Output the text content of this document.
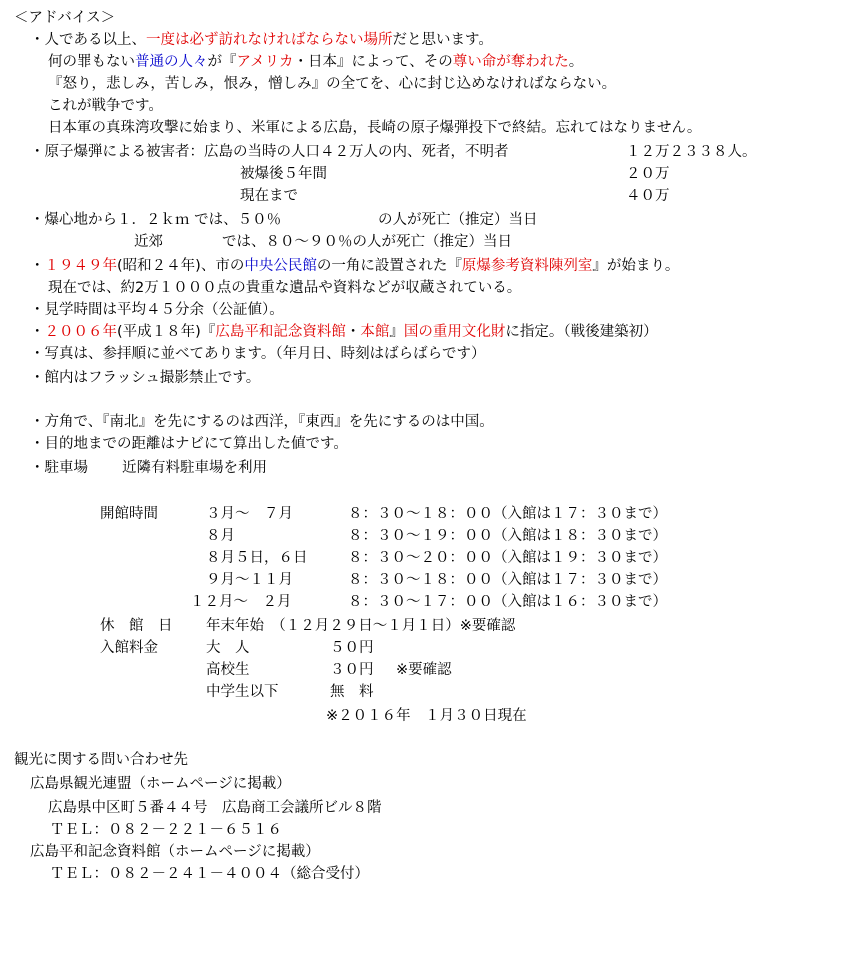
＜アドバイス＞
・人である以上、一度は必ず訪れなければならない場所だと思います。
何の罪もない普通の人々が『アメリカ・日本』によって、その尊い命が奪われた。
『怒り，悲しみ，苦しみ，恨み，憎しみ』の全てを、心に封じ込めなければならない。
これが戦争です。
日本軍の真珠湾攻撃に始まり、米軍による広島，長崎の原子爆弾投下で終結。忘れてはなりません。
・原子爆弾による被害者：広島の当時の人口４２万人の内、死者，不明者	１２万２３３８人。
被爆後５年間	２０万
現在まで	４０万
・爆心地から１．２ｋｍ では、５０％	の人が死亡（推定）当日
近郊	では、８０～９０％の人が死亡（推定）当日
・１９４９年(昭和２４年)、市の中央公民館の一角に設置された『原爆参考資料陳列室』が始まり。
現在では、約2万１０００点の貴重な遺品や資料などが収蔵されている。
・見学時間は平均４５分余（公証値）。
・２００６年(平成１８年)『広島平和記念資料館・本館』国の重用文化財に指定。（戦後建築初）
・写真は、参拝順に並べてあります。（年月日、時刻はばらばらです）
・館内はフラッシュ撮影禁止です。
・方角で、『南北』を先にするのは西洋，『東西』を先にするのは中国。
・目的地までの距離はナビにて算出した値です。
・駐車場 近隣有料駐車場を利用
開館時間	３月～　７月	８：３０～１８：００（入館は１７：３０まで）
８月	８：３０～１９：００（入館は１８：３０まで）
８月５日，６日	８：３０～２０：００（入館は１９：３０まで）
９月～１１月	８：３０～１８：００（入館は１７：３０まで）
１２月～　２月	８：３０～１７：００（入館は１６：３０まで）
休　館　日 年末年始　（１２月２９日～１月１日）※要確認
入館料金	大　人	５０円
高校生	３０円 ※要確認
中学生以下	無　料
※２０１６年　１月３０日現在
観光に関する問い合わせ先
広島県観光連盟（ホームページに掲載）
広島県中区町５番４４号　広島商工会議所ビル８階
ＴＥＬ：０８２－２２１－６５１６
広島平和記念資料館（ホームページに掲載）
ＴＥＬ：０８２－２４１－４００４（総合受付）
